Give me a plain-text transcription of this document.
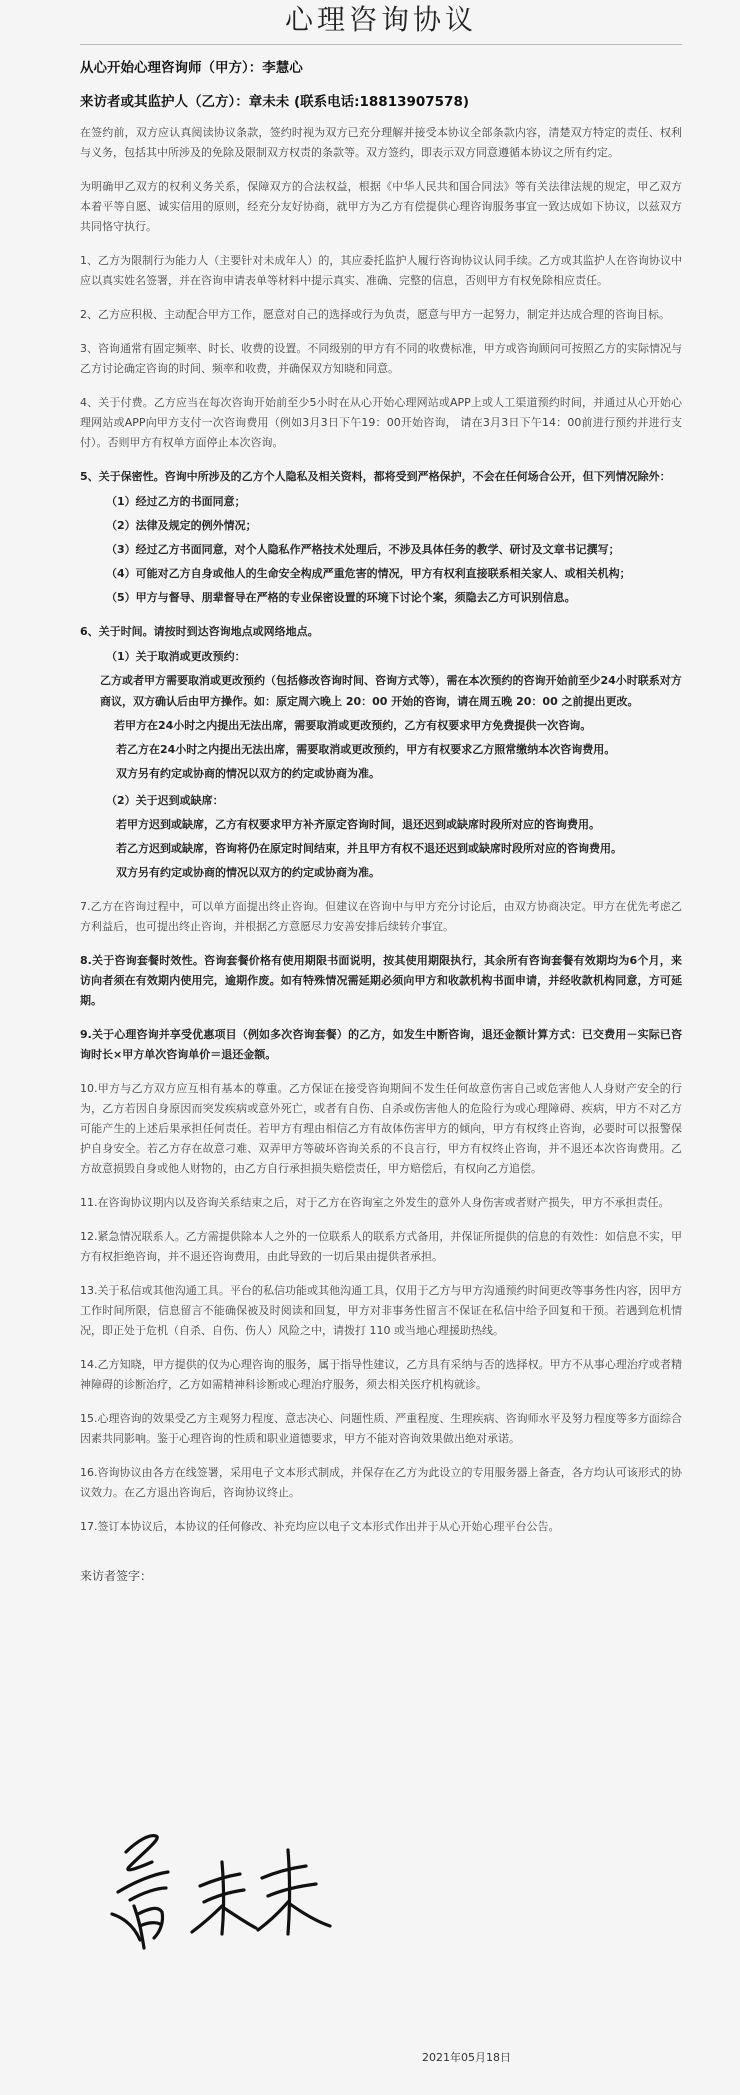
心理咨询协议

从心开始心理咨询师（甲方）：李慧心

来访者或其监护人（乙方）：章未未 (联系电话:18813907578)

在签约前，双方应认真阅读协议条款，签约时视为双方已充分理解并接受本协议全部条款内容，清楚双方特定的责任、权利与义务，包括其中所涉及的免除及限制双方权责的条款等。双方签约，即表示双方同意遵循本协议之所有约定。

为明确甲乙双方的权利义务关系，保障双方的合法权益，根据《中华人民共和国合同法》等有关法律法规的规定，甲乙双方本着平等自愿、诚实信用的原则，经充分友好协商，就甲方为乙方有偿提供心理咨询服务事宜一致达成如下协议，以兹双方共同恪守执行。

1、乙方为限制行为能力人（主要针对未成年人）的，其应委托监护人履行咨询协议认同手续。乙方或其监护人在咨询协议中应以真实姓名签署，并在咨询申请表单等材料中提示真实、准确、完整的信息，否则甲方有权免除相应责任。

2、乙方应积极、主动配合甲方工作，愿意对自己的选择或行为负责，愿意与甲方一起努力，制定并达成合理的咨询目标。

3、咨询通常有固定频率、时长、收费的设置。不同级别的甲方有不同的收费标准，甲方或咨询顾问可按照乙方的实际情况与乙方讨论确定咨询的时间、频率和收费，并确保双方知晓和同意。

4、关于付费。乙方应当在每次咨询开始前至少5小时在从心开始心理网站或APP上或人工渠道预约时间，并通过从心开始心理网站或APP向甲方支付一次咨询费用（例如3月3日下午19：00开始咨询， 请在3月3日下午14：00前进行预约并进行支付）。否则甲方有权单方面停止本次咨询。

5、关于保密性。咨询中所涉及的乙方个人隐私及相关资料，都将受到严格保护，不会在任何场合公开，但下列情况除外：

（1）经过乙方的书面同意；

（2）法律及规定的例外情况；

（3）经过乙方书面同意，对个人隐私作严格技术处理后，不涉及具体任务的教学、研讨及文章书记撰写；

（4）可能对乙方自身或他人的生命安全构成严重危害的情况，甲方有权利直接联系相关家人、或相关机构；

（5）甲方与督导、朋辈督导在严格的专业保密设置的环境下讨论个案，须隐去乙方可识别信息。

6、关于时间。请按时到达咨询地点或网络地点。

（1）关于取消或更改预约：

乙方或者甲方需要取消或更改预约（包括修改咨询时间、咨询方式等），需在本次预约的咨询开始前至少24小时联系对方商议，双方确认后由甲方操作。如：原定周六晚上 20：00 开始的咨询，请在周五晚 20：00 之前提出更改。

若甲方在24小时之内提出无法出席，需要取消或更改预约，乙方有权要求甲方免费提供一次咨询。

若乙方在24小时之内提出无法出席，需要取消或更改预约，甲方有权要求乙方照常缴纳本次咨询费用。

双方另有约定或协商的情况以双方的约定或协商为准。

（2）关于迟到或缺席：

若甲方迟到或缺席，乙方有权要求甲方补齐原定咨询时间，退还迟到或缺席时段所对应的咨询费用。

若乙方迟到或缺席，咨询将仍在原定时间结束，并且甲方有权不退还迟到或缺席时段所对应的咨询费用。

双方另有约定或协商的情况以双方的约定或协商为准。

7.乙方在咨询过程中，可以单方面提出终止咨询。但建议在咨询中与甲方充分讨论后，由双方协商决定。甲方在优先考虑乙方利益后，也可提出终止咨询，并根据乙方意愿尽力安善安排后续转介事宜。

8.关于咨询套餐时效性。咨询套餐价格有使用期限书面说明，按其使用期限执行，其余所有咨询套餐有效期均为6个月，来访向者须在有效期内使用完，逾期作废。如有特殊情况需延期必须向甲方和收款机构书面申请，并经收款机构同意，方可延期。

9.关于心理咨询并享受优惠项目（例如多次咨询套餐）的乙方，如发生中断咨询，退还金额计算方式：已交费用－实际已咨询时长×甲方单次咨询单价＝退还金额。

10.甲方与乙方双方应互相有基本的尊重。乙方保证在接受咨询期间不发生任何故意伤害自己或危害他人人身财产安全的行为，乙方若因自身原因而突发疾病或意外死亡，或者有自伤、自杀或伤害他人的危险行为或心理障碍、疾病，甲方不对乙方可能产生的上述后果承担任何责任。若甲方有理由相信乙方有故体伤害甲方的倾向，甲方有权终止咨询，必要时可以报警保护自身安全。若乙方存在故意刁难、双弄甲方等破坏咨询关系的不良言行，甲方有权终止咨询，并不退还本次咨询费用。乙方故意损毁自身或他人财物的，由乙方自行承担损失赔偿责任，甲方赔偿后，有权向乙方追偿。

11.在咨询协议期内以及咨询关系结束之后，对于乙方在咨询室之外发生的意外人身伤害或者财产损失，甲方不承担责任。

12.紧急情况联系人。乙方需提供除本人之外的一位联系人的联系方式备用，并保证所提供的信息的有效性：如信息不实，甲方有权拒绝咨询，并不退还咨询费用，由此导致的一切后果由提供者承担。

13.关于私信或其他沟通工具。平台的私信功能或其他沟通工具，仅用于乙方与甲方沟通预约时间更改等事务性内容，因甲方工作时间所限，信息留言不能确保被及时阅读和回复，甲方对非事务性留言不保证在私信中给予回复和干预。若遇到危机情况，即正处于危机（自杀、自伤、伤人）风险之中，请拨打 110 或当地心理援助热线。

14.乙方知晓，甲方提供的仅为心理咨询的服务，属于指导性建议，乙方具有采纳与否的选择权。甲方不从事心理治疗或者精神障碍的诊断治疗，乙方如需精神科诊断或心理治疗服务，须去相关医疗机构就诊。

15.心理咨询的效果受乙方主观努力程度、意志决心、问题性质、严重程度、生理疾病、咨询师水平及努力程度等多方面综合因素共同影响。鉴于心理咨询的性质和职业道德要求，甲方不能对咨询效果做出绝对承诺。

16.咨询协议由各方在线签署，采用电子文本形式制成，并保存在乙方为此设立的专用服务器上备查，各方均认可该形式的协议效力。在乙方退出咨询后，咨询协议终止。

17.签订本协议后，本协议的任何修改、补充均应以电子文本形式作出并于从心开始心理平台公告。

来访者签字：

2021年05月18日
